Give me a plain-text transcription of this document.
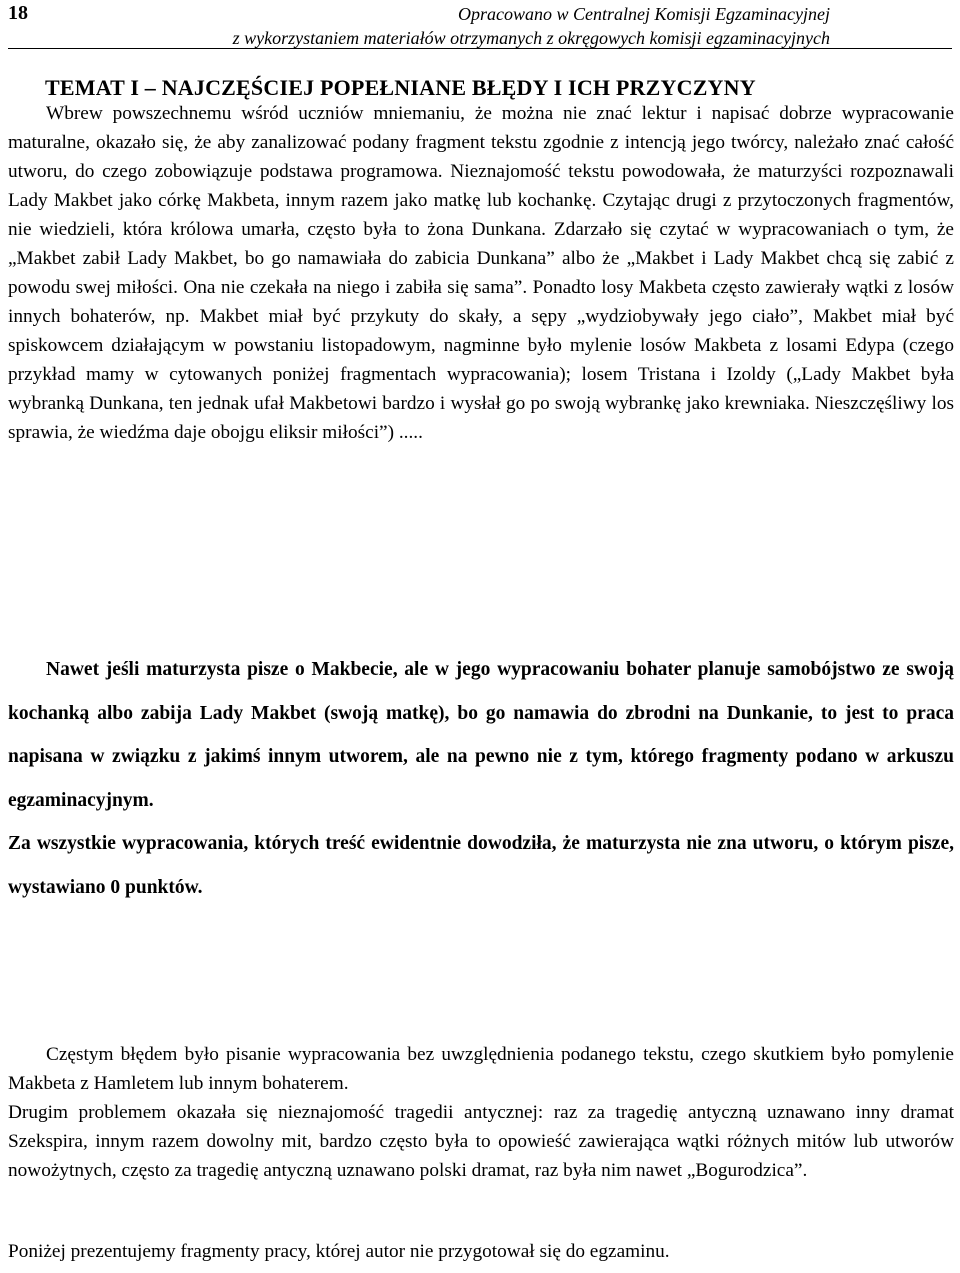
18	Opracowano w Centralnej Komisji Egzaminacyjnej
z wykorzystaniem materiałów otrzymanych z okręgowych komisji egzaminacyjnych
TEMAT I – NAJCZĘŚCIEJ POPEŁNIANE BŁĘDY I ICH PRZYCZYNY

Wbrew powszechnemu wśród uczniów mniemaniu, że można nie znać lektur i napisać dobrze wypracowanie maturalne, okazało się, że aby zanalizować podany fragment tekstu zgodnie z intencją jego twórcy, należało znać całość utworu, do czego zobowiązuje podstawa programowa. Nieznajomość tekstu powodowała, że maturzyści rozpoznawali Lady Makbet jako córkę Makbeta, innym razem jako matkę lub kochankę. Czytając drugi z przytoczonych fragmentów, nie wiedzieli, która królowa umarła, często była to żona Dunkana. Zdarzało się czytać w wypracowaniach o tym, że „Makbet zabił Lady Makbet, bo go namawiała do zabicia Dunkana” albo że „Makbet i Lady Makbet chcą się zabić z powodu swej miłości. Ona nie czekała na niego i zabiła się sama”. Ponadto losy Makbeta często zawierały wątki z losów innych bohaterów, np. Makbet miał być przykuty do skały, a sępy „wydziobywały jego ciało”, Makbet miał być spiskowcem działającym w powstaniu listopadowym, nagminne było mylenie losów Makbeta z losami Edypa (czego przykład mamy w cytowanych poniżej fragmentach wypracowania); losem Tristana i Izoldy („Lady Makbet była wybranką Dunkana, ten jednak ufał Makbetowi bardzo i wysłał go po swoją wybrankę jako krewniaka. Nieszczęśliwy los sprawia, że wiedźma daje obojgu eliksir miłości”) .....

Nawet jeśli maturzysta pisze o Makbecie, ale w jego wypracowaniu bohater planuje samobójstwo ze swoją kochanką albo zabija Lady Makbet (swoją matkę), bo go namawia do zbrodni na Dunkanie, to jest to praca napisana w związku z jakimś innym utworem, ale na pewno nie z tym, którego fragmenty podano w arkuszu egzaminacyjnym.

Za wszystkie wypracowania, których treść ewidentnie dowodziła, że maturzysta nie zna utworu, o którym pisze, wystawiano 0 punktów.

Częstym błędem było pisanie wypracowania bez uwzględnienia podanego tekstu, czego skutkiem było pomylenie Makbeta z Hamletem lub innym bohaterem.

Drugim problemem okazała się nieznajomość tragedii antycznej: raz za tragedię antyczną uznawano inny dramat Szekspira, innym razem dowolny mit, bardzo często była to opowieść zawierająca wątki różnych mitów lub utworów nowożytnych, często za tragedię antyczną uznawano polski dramat, raz była nim nawet „Bogurodzica”.

Poniżej prezentujemy fragmenty pracy, której autor nie przygotował się do egzaminu.
